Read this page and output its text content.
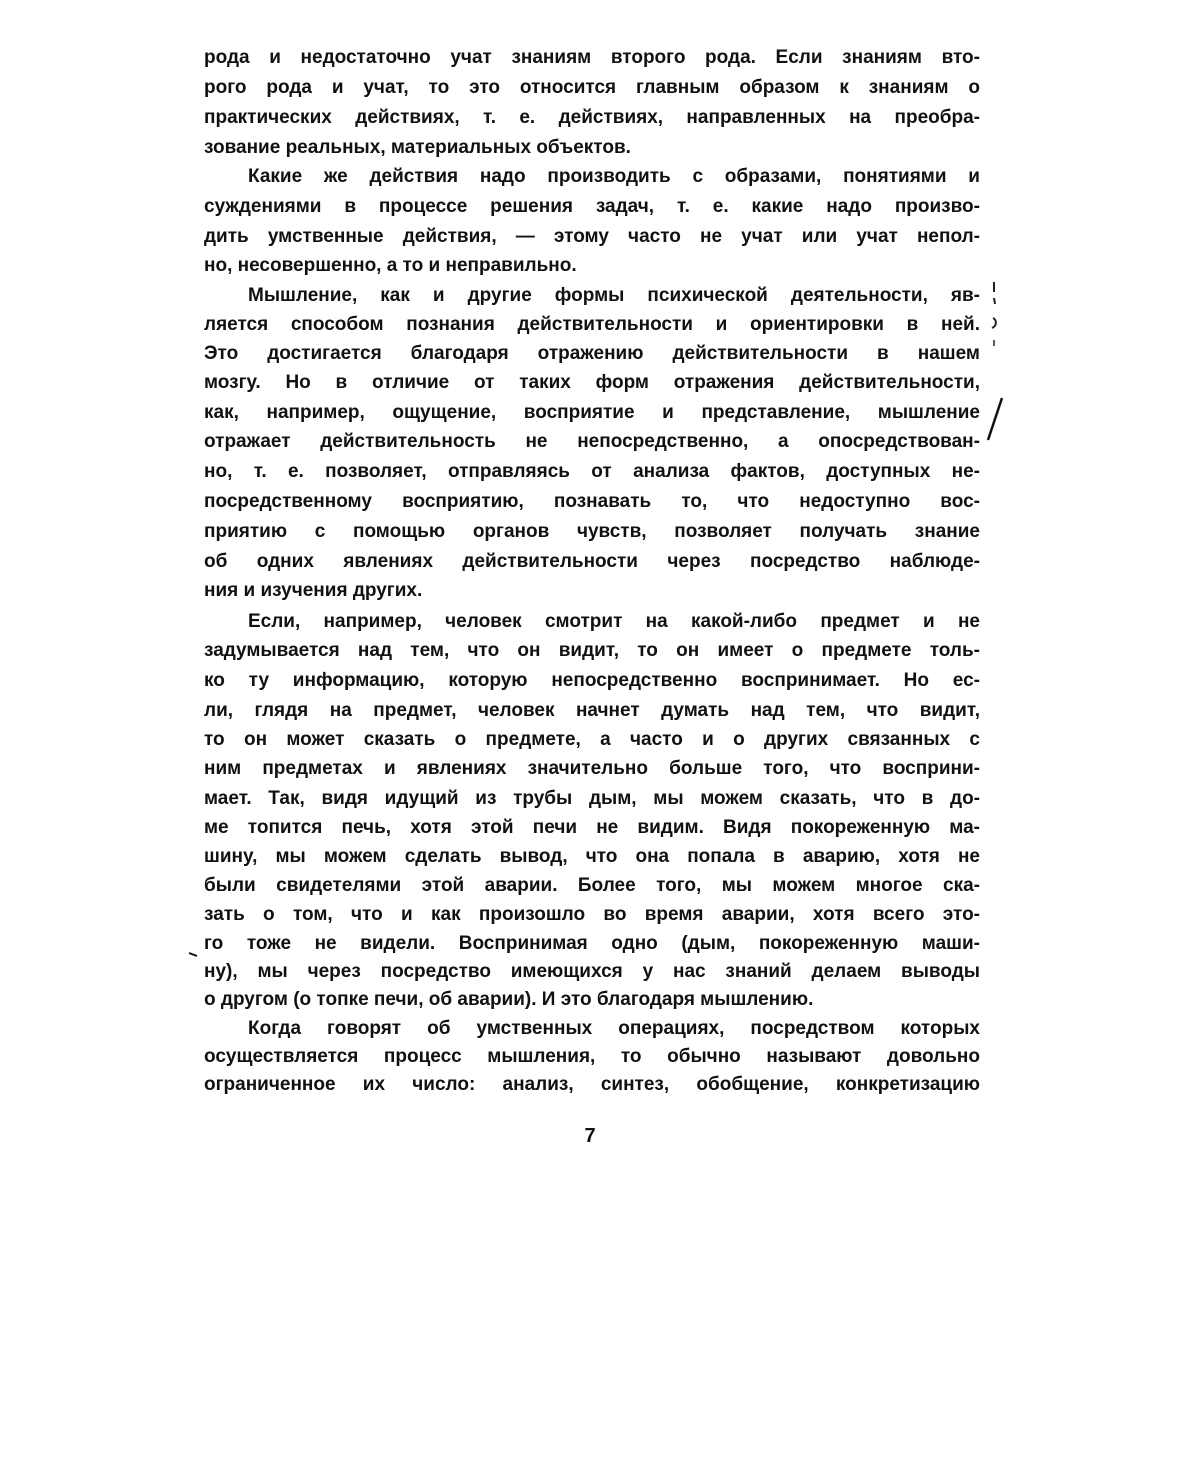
рода и недостаточно учат знаниям второго рода. Если знаниям вто-
рого рода и учат, то это относится главным образом к знаниям о
практических действиях, т. е. действиях, направленных на преобра-
зование реальных, материальных объектов.
Какие же действия надо производить с образами, понятиями и
суждениями в процессе решения задач, т. е. какие надо произво-
дить умственные действия, — этому часто не учат или учат непол-
но, несовершенно, а то и неправильно.
Мышление, как и другие формы психической деятельности, яв-
ляется способом познания действительности и ориентировки в ней.
Это достигается благодаря отражению действительности в нашем
мозгу. Но в отличие от таких форм отражения действительности,
как, например, ощущение, восприятие и представление, мышление
отражает действительность не непосредственно, а опосредствован-
но, т. е. позволяет, отправляясь от анализа фактов, доступных не-
посредственному восприятию, познавать то, что недоступно вос-
приятию с помощью органов чувств, позволяет получать знание
об одних явлениях действительности через посредство наблюде-
ния и изучения других.
Если, например, человек смотрит на какой-либо предмет и не
задумывается над тем, что он видит, то он имеет о предмете толь-
ко ту информацию, которую непосредственно воспринимает. Но ес-
ли, глядя на предмет, человек начнет думать над тем, что видит,
то он может сказать о предмете, а часто и о других связанных с
ним предметах и явлениях значительно больше того, что восприни-
мает. Так, видя идущий из трубы дым, мы можем сказать, что в до-
ме топится печь, хотя этой печи не видим. Видя покореженную ма-
шину, мы можем сделать вывод, что она попала в аварию, хотя не
были свидетелями этой аварии. Более того, мы можем многое ска-
зать о том, что и как произошло во время аварии, хотя всего это-
го тоже не видели. Воспринимая одно (дым, покореженную маши-
ну), мы через посредство имеющихся у нас знаний делаем выводы
о другом (о топке печи, об аварии). И это благодаря мышлению.
Когда говорят об умственных операциях, посредством которых
осуществляется процесс мышления, то обычно называют довольно
ограниченное их число: анализ, синтез, обобщение, конкретизацию
7
